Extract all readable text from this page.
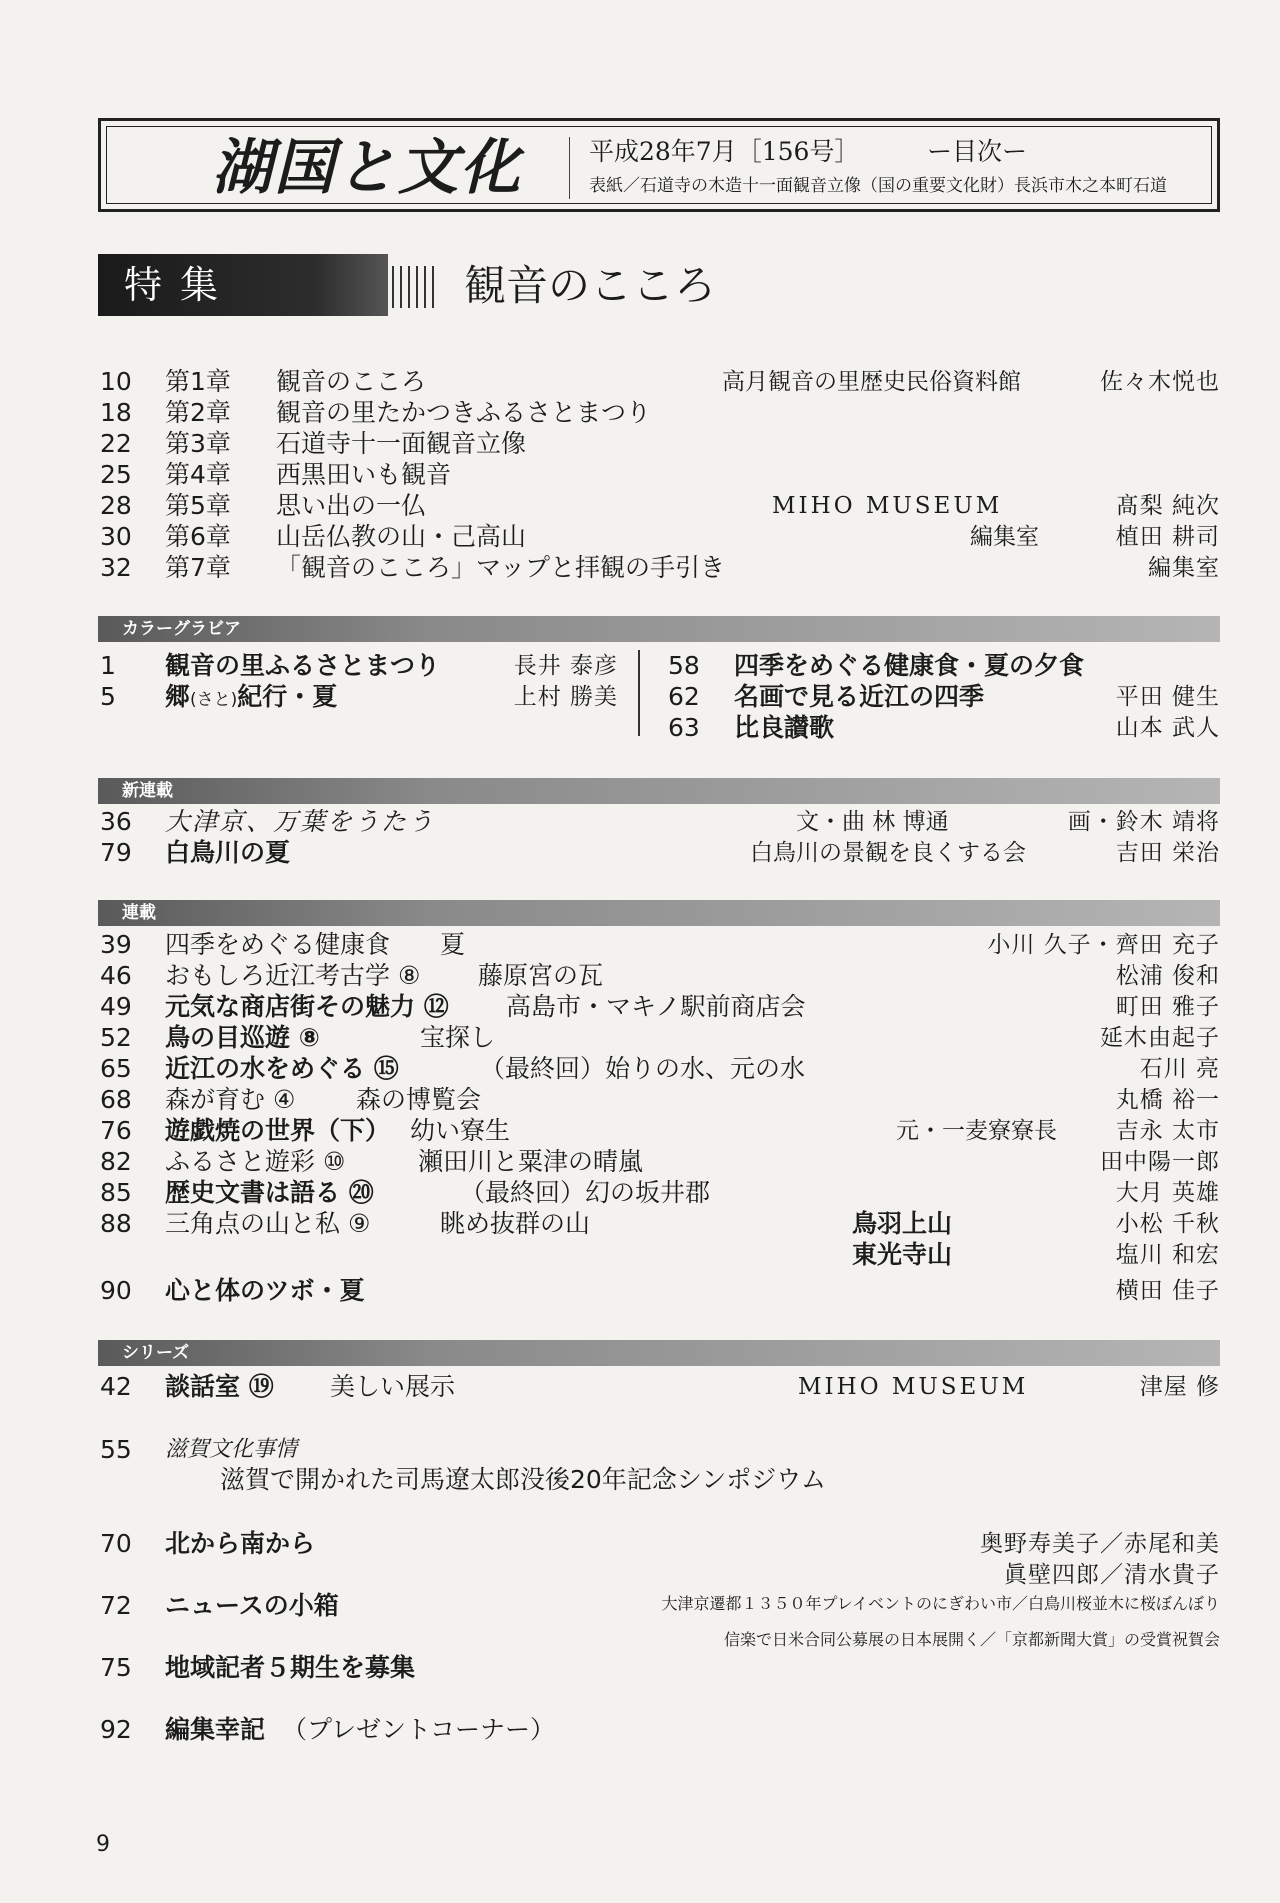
湖国と文化	平成28年7月［156号］	ー目次ー
表紙／石道寺の木造十一面観音立像（国の重要文化財）長浜市木之本町石道
特集	観音のこころ
10 第1章 観音のこころ	高月観音の里歴史民俗資料館	佐々木悦也
18 第2章 観音の里たかつきふるさとまつり
22 第3章 石道寺十一面観音立像
25 第4章 西黒田いも観音
28 第5章 思い出の一仏	MIHO MUSEUM	髙梨 純次
30 第6章 山岳仏教の山・己高山	編集室	植田 耕司
32 第7章 「観音のこころ」マップと拝観の手引き	編集室
カラーグラビア
1 観音の里ふるさとまつり	長井 泰彦
5 郷(さと)紀行・夏	上村 勝美
58 四季をめぐる健康食・夏の夕食
62 名画で見る近江の四季	平田 健生
63 比良讃歌	山本 武人
新連載
36 大津京、万葉をうたう	文・曲 林 博通	画・鈴木 靖将
79 白鳥川の夏	白鳥川の景観を良くする会	吉田 栄治
連載
39 四季をめぐる健康食 夏	小川 久子・齊田 充子
46 おもしろ近江考古学 ⑧ 藤原宮の瓦	松浦 俊和
49 元気な商店街その魅力 ⑫ 高島市・マキノ駅前商店会	町田 雅子
52 鳥の目巡遊 ⑧	宝探し	延木由起子
65 近江の水をめぐる ⑮	（最終回）始りの水、元の水	石川 亮
68 森が育む ④ 森の博覧会	丸橋 裕一
76 遊戯焼の世界（下） 幼い寮生	元・一麦寮寮長	吉永 太市
82 ふるさと遊彩 ⑩	瀬田川と粟津の晴嵐	田中陽一郎
85 歴史文書は語る ⑳	（最終回）幻の坂井郡	大月 英雄
88 三角点の山と私 ⑨	眺め抜群の山	鳥羽上山	小松 千秋
東光寺山	塩川 和宏
90 心と体のツボ・夏	横田 佳子
シリーズ
42 談話室 ⑲ 美しい展示	MIHO MUSEUM	津屋 修
55 滋賀文化事情
滋賀で開かれた司馬遼太郎没後20年記念シンポジウム
70 北から南から	奥野寿美子／赤尾和美
眞壁四郎／清水貴子
72 ニュースの小箱	大津京遷都１３５０年プレイベントのにぎわい市／白鳥川桜並木に桜ぼんぼり
信楽で日米合同公募展の日本展開く／「京都新聞大賞」の受賞祝賀会
75 地域記者５期生を募集
92 編集幸記 （プレゼントコーナー）
9
